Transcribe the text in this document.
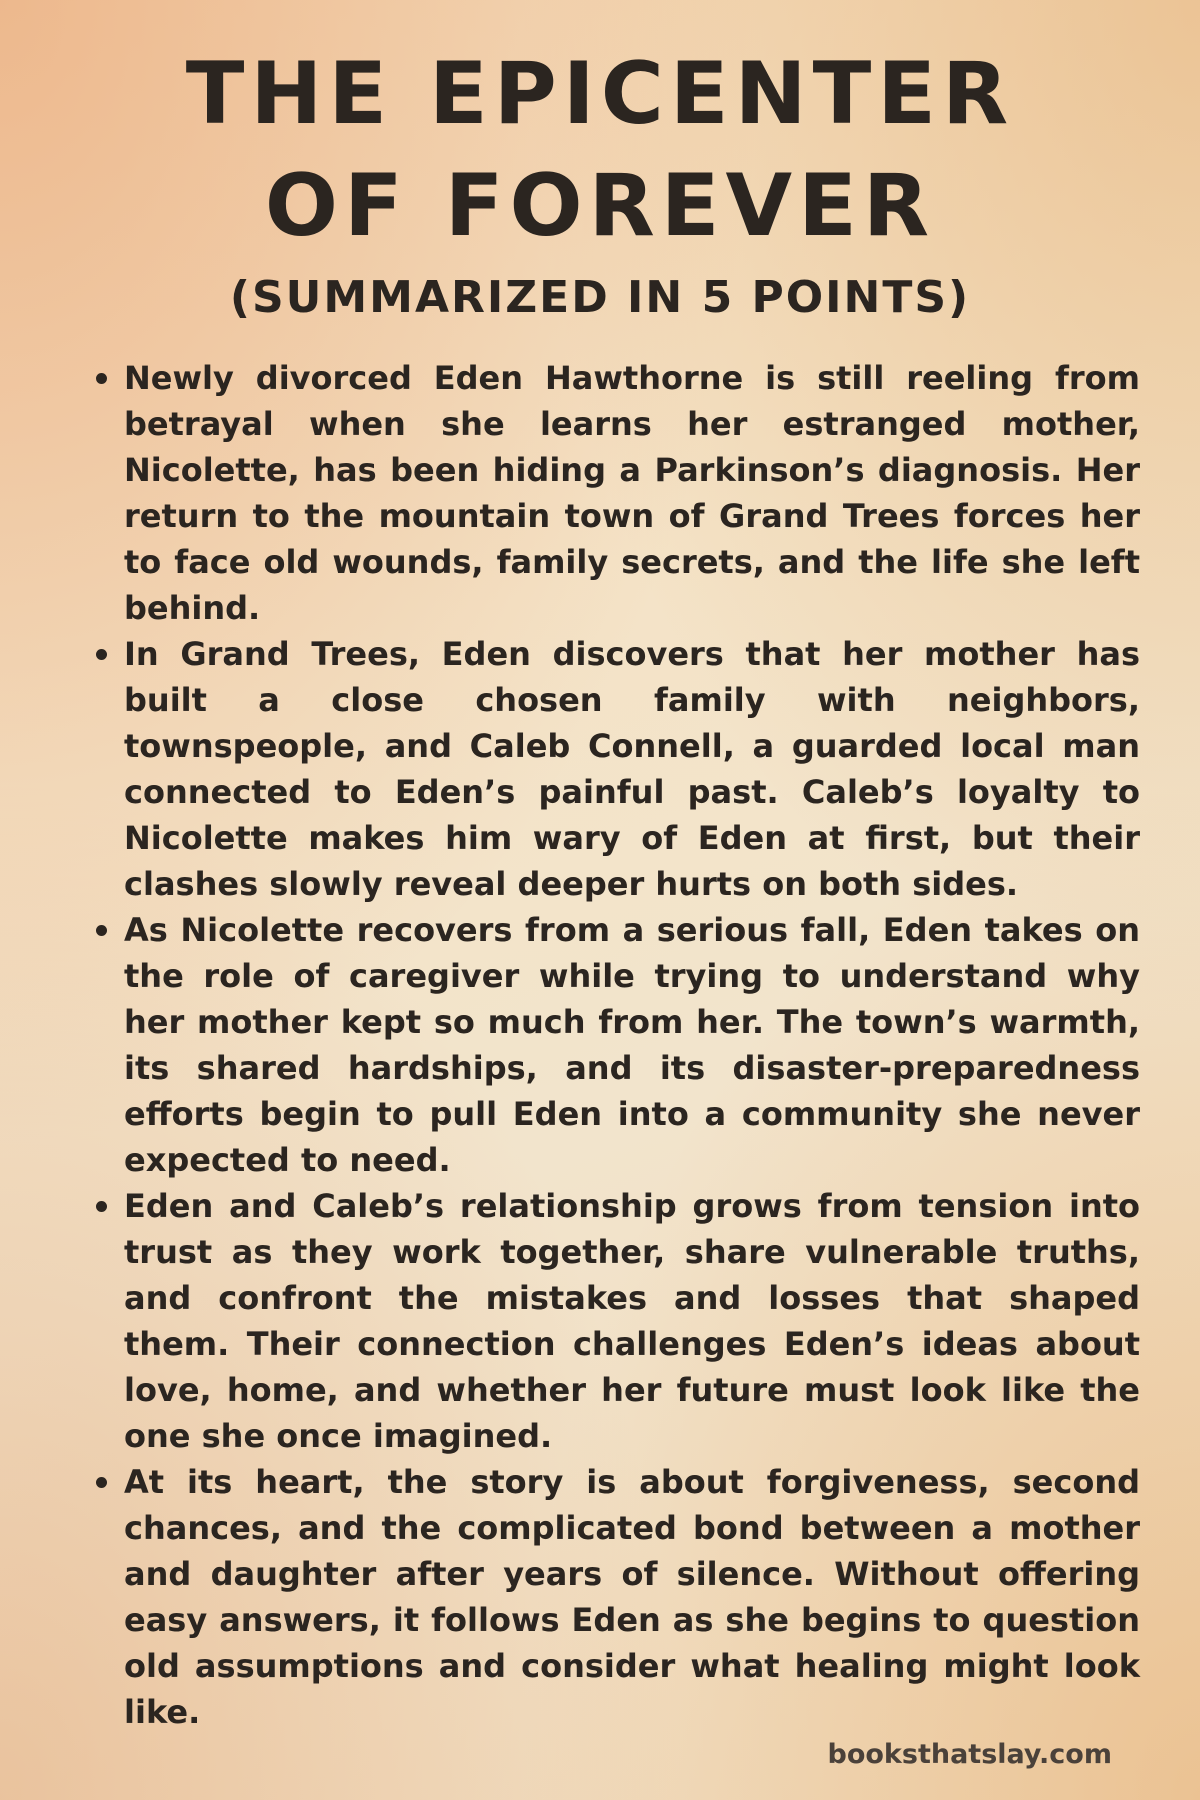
THE EPICENTER OF FOREVER
(SUMMARIZED IN 5 POINTS)
Newly divorced Eden Hawthorne is still reeling from betrayal when she learns her estranged mother, Nicolette, has been hiding a Parkinson’s diagnosis. Her return to the mountain town of Grand Trees forces her to face old wounds, family secrets, and the life she left behind.
In Grand Trees, Eden discovers that her mother has built a close chosen family with neighbors, townspeople, and Caleb Connell, a guarded local man connected to Eden’s painful past. Caleb’s loyalty to Nicolette makes him wary of Eden at first, but their clashes slowly reveal deeper hurts on both sides.
As Nicolette recovers from a serious fall, Eden takes on the role of caregiver while trying to understand why her mother kept so much from her. The town’s warmth, its shared hardships, and its disaster-preparedness efforts begin to pull Eden into a community she never expected to need.
Eden and Caleb’s relationship grows from tension into trust as they work together, share vulnerable truths, and confront the mistakes and losses that shaped them. Their connection challenges Eden’s ideas about love, home, and whether her future must look like the one she once imagined.
At its heart, the story is about forgiveness, second chances, and the complicated bond between a mother and daughter after years of silence. Without offering easy answers, it follows Eden as she begins to question old assumptions and consider what healing might look like.
booksthatslay.com
